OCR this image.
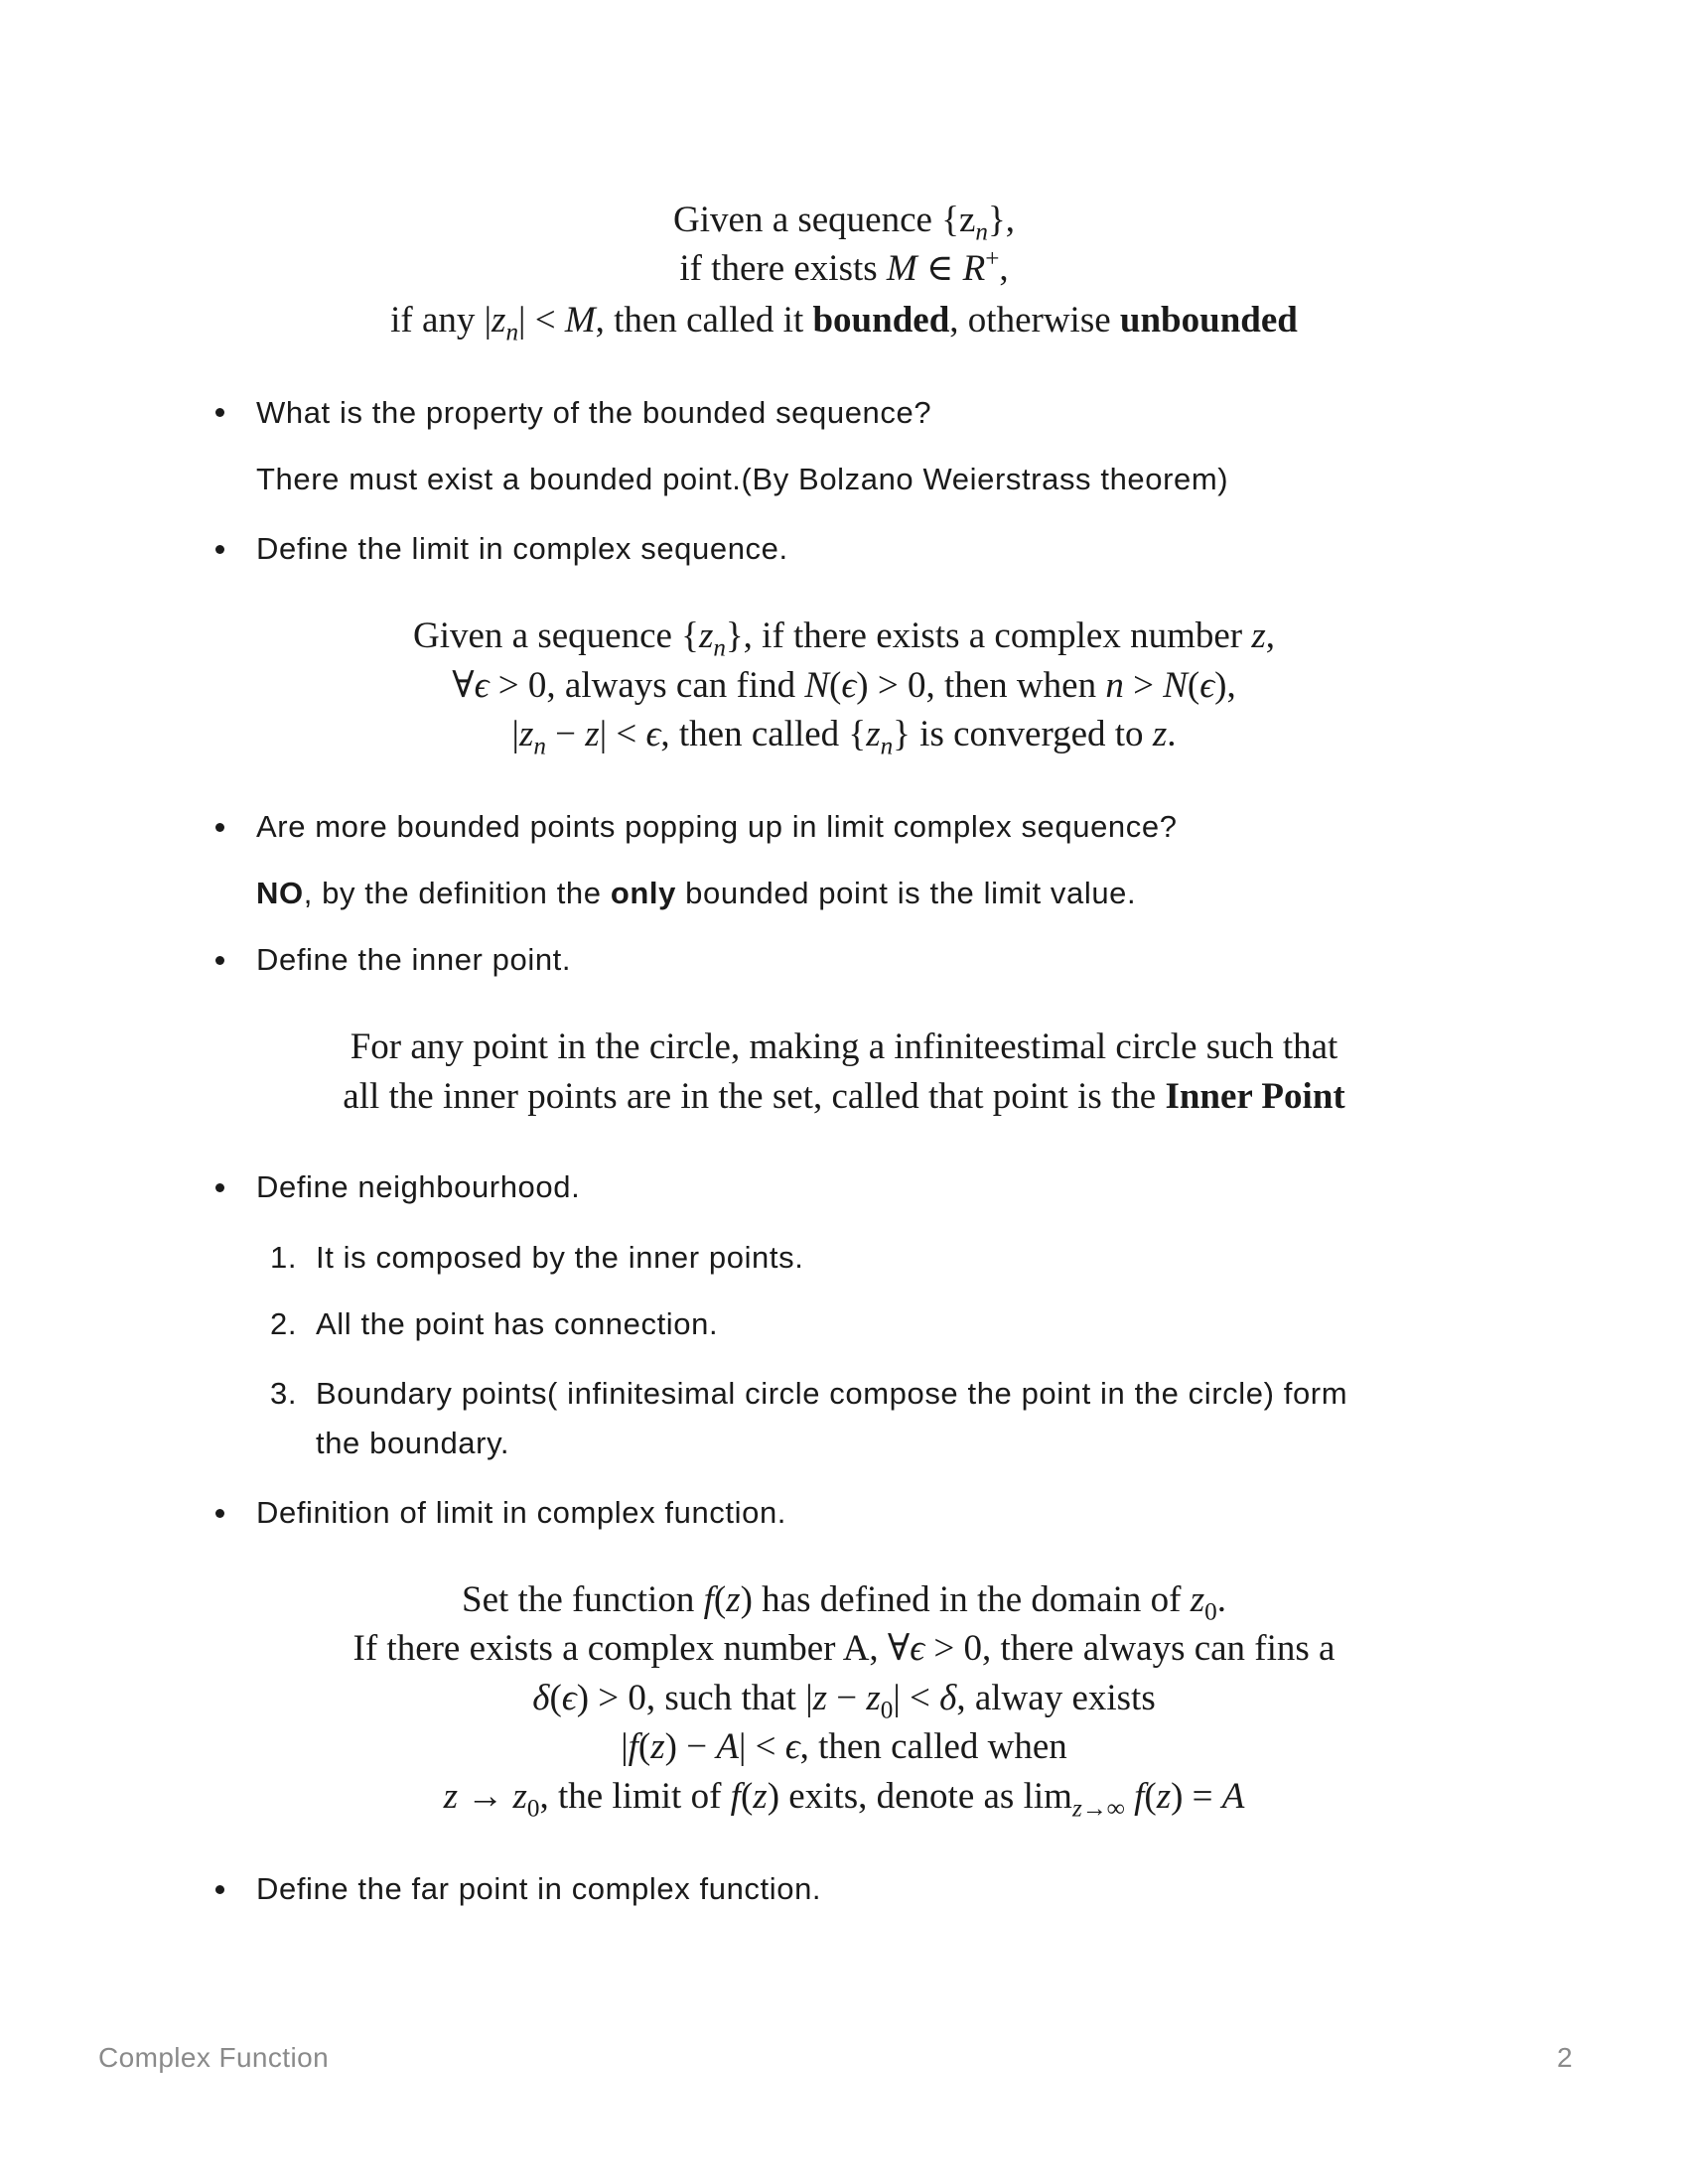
Given a sequence $\{z_n\}$,
if there exists M ∈ R+,
if any $|z_n| < M$, then called it bounded, otherwise unbounded
What is the property of the bounded sequence?
There must exist a bounded point.(By Bolzano Weierstrass theorem)
Define the limit in complex sequence.
Given a sequence $\{z_n\}$, if there exists a complex number z,
∀ϵ > 0, always can find N(ϵ) > 0, then when n > N(ϵ),
$|z_n - z| < \epsilon$, then called $\{z_n\}$ is converged to z.
Are more bounded points popping up in limit complex sequence?
NO, by the definition the only bounded point is the limit value.
Define the inner point.
For any point in the circle, making a infiniteestimal circle such that
all the inner points are in the set, called that point is the Inner Point
Define neighbourhood.
1. It is composed by the inner points.
2. All the point has connection.
3. Boundary points( infinitesimal circle compose the point in the circle) form
the boundary.
Definition of limit in complex function.
Set the function f(z) has defined in the domain of $z_0$.
If there exists a complex number A, ∀ϵ > 0, there always can fins a
δ(ϵ) > 0, such that $|z - z_0| < \delta$, alway exists
|f(z) − A| < ϵ, then called when
$z \to z_0$, the limit of f(z) exits, denote as $\lim_{z\to\infty} f(z) = A$
Define the far point in complex function.
Complex Function	2
